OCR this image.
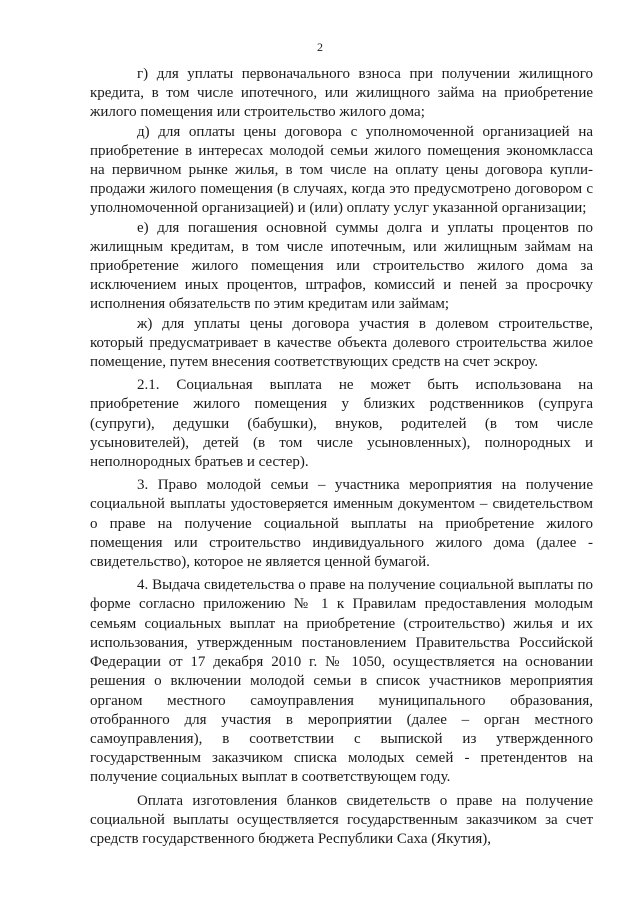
2

г) для уплаты первоначального взноса при получении жилищного кредита, в том числе ипотечного, или жилищного займа на приобретение жилого помещения или строительство жилого дома;

д) для оплаты цены договора с уполномоченной организацией на приобретение в интересах молодой семьи жилого помещения экономкласса на первичном рынке жилья, в том числе на оплату цены договора купли-продажи жилого помещения (в случаях, когда это предусмотрено договором с уполномоченной организацией) и (или) оплату услуг указанной организации;

е) для погашения основной суммы долга и уплаты процентов по жилищным кредитам, в том числе ипотечным, или жилищным займам на приобретение жилого помещения или строительство жилого дома за исключением иных процентов, штрафов, комиссий и пеней за просрочку исполнения обязательств по этим кредитам или займам;

ж) для уплаты цены договора участия в долевом строительстве, который предусматривает в качестве объекта долевого строительства жилое помещение, путем внесения соответствующих средств на счет эскроу.

2.1. Социальная выплата не может быть использована на приобретение жилого помещения у близких родственников (супруга (супруги), дедушки (бабушки), внуков, родителей (в том числе усыновителей), детей (в том числе усыновленных), полнородных и неполнородных братьев и сестер).

3. Право молодой семьи – участника мероприятия на получение социальной выплаты удостоверяется именным документом – свидетельством о праве на получение социальной выплаты на приобретение жилого помещения или строительство индивидуального жилого дома (далее - свидетельство), которое не является ценной бумагой.

4. Выдача свидетельства о праве на получение социальной выплаты по форме согласно приложению № 1 к Правилам предоставления молодым семьям социальных выплат на приобретение (строительство) жилья и их использования, утвержденным постановлением Правительства Российской Федерации от 17 декабря 2010 г. № 1050, осуществляется на основании решения о включении молодой семьи в список участников мероприятия органом местного самоуправления муниципального образования, отобранного для участия в мероприятии (далее – орган местного самоуправления), в соответствии с выпиской из утвержденного государственным заказчиком списка молодых семей - претендентов на получение социальных выплат в соответствующем году.

Оплата изготовления бланков свидетельств о праве на получение социальной выплаты осуществляется государственным заказчиком за счет средств государственного бюджета Республики Саха (Якутия),
